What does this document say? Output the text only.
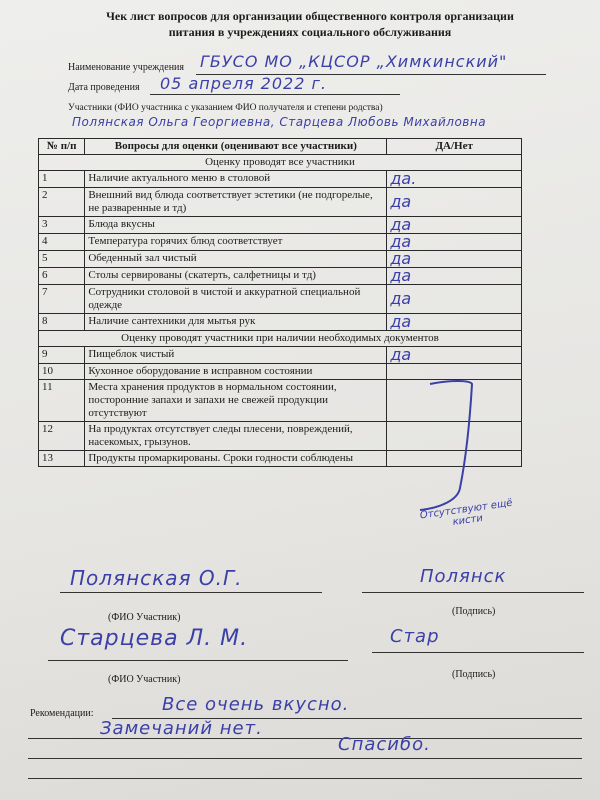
Чек лист вопросов для организации общественного контроля организации
питания в учреждениях социального обслуживания
Наименование учреждения ГБУСО МО „КЦСОР „Химкинский"
Дата проведения 05 апреля 2022 г.
Участники (ФИО участника с указанием ФИО получателя и степени родства)
Полянская Ольга Георгиевна, Старцева Любовь Михайловна
№ п/п	Вопросы для оценки (оценивают все участники)	ДА/Нет
Оценку проводят все участники		
1	Наличие актуального меню в столовой	да.
2	Внешний вид блюда соответствует эстетики (не подгорелые, не разваренные и тд)	да
3	Блюда вкусны	да
4	Температура горячих блюд соответствует	да
5	Обеденный зал чистый	да
6	Столы сервированы (скатерть, салфетницы и тд)	да
7	Сотрудники столовой в чистой и аккуратной специальной одежде	да
8	Наличие сантехники для мытья рук	да
Оценку проводят участники при наличии необходимых документов		
9	Пищеблок чистый	да
10	Кухонное оборудование в исправном состоянии	
11	Места хранения продуктов в нормальном состоянии, посторонние запахи и запахи не свежей продукции отсутствуют	
12	На продуктах отсутствует следы плесени, повреждений, насекомых, грызунов.	
13	Продукты промаркированы. Сроки годности соблюдены	
Отсутствуют ещё кисти
Полянская О.Г.	Полянск
(ФИО Участник)
(Подпись)
Старцева Л. М.	Стар
(ФИО Участник)	(Подпись)
Рекомендации:	Все очень вкусно.
Замечаний нет.
Спасибо.
